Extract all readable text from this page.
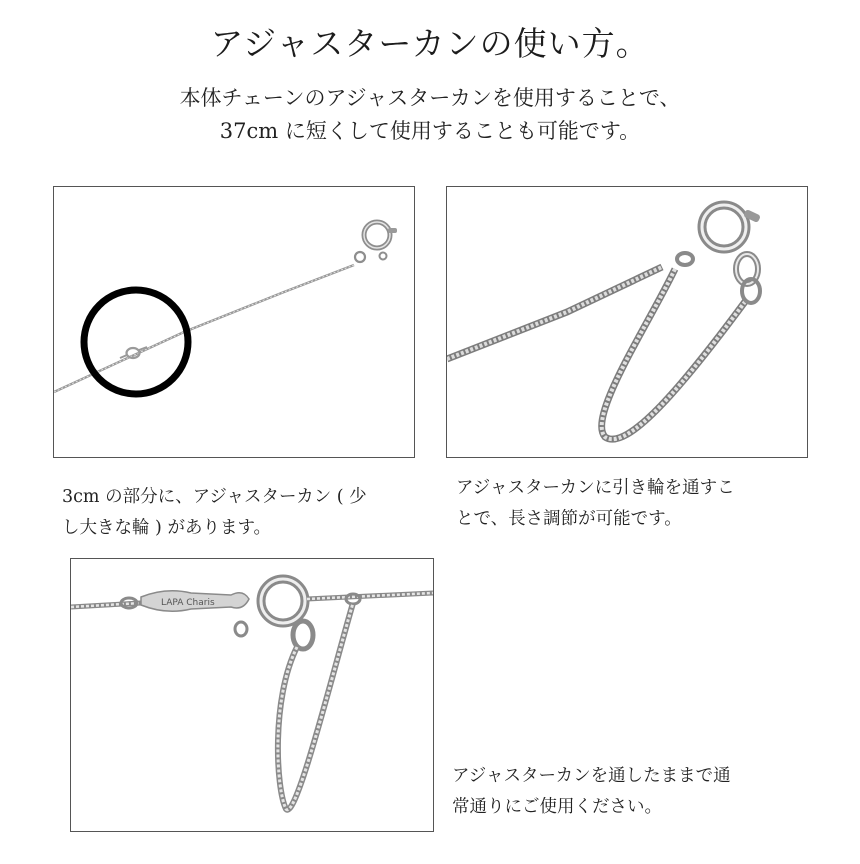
アジャスターカンの使い方。
本体チェーンのアジャスターカンを使用することで、
37cm に短くして使用することも可能です。
LAPA Charis
3cm の部分に、アジャスターカン ( 少
し大きな輪 ) があります。
アジャスターカンに引き輪を通すこ
とで、長さ調節が可能です。
アジャスターカンを通したままで通
常通りにご使用ください。
